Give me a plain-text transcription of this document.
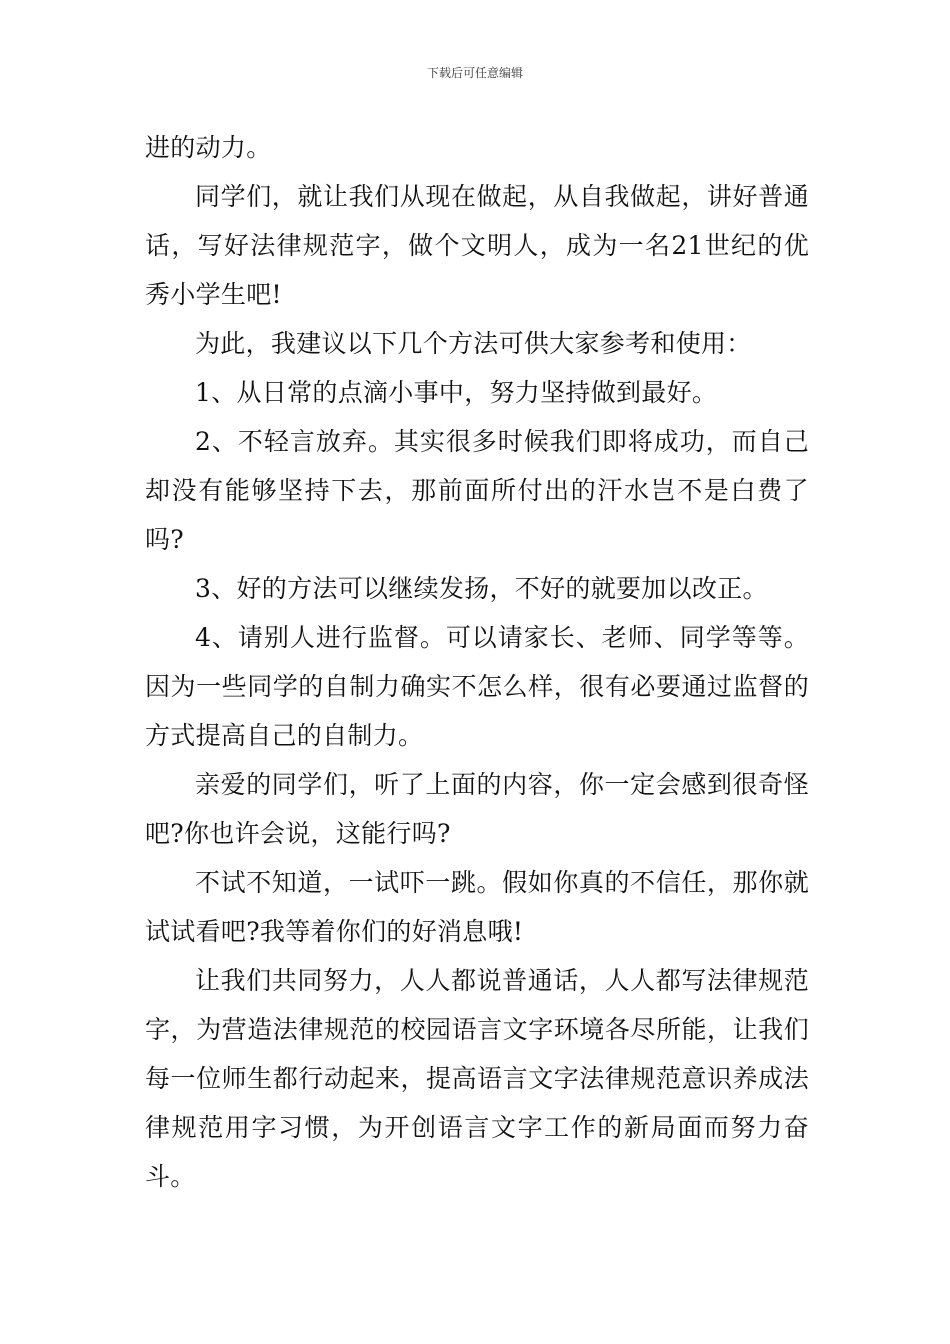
下载后可任意编辑

进的动力。

同学们，就让我们从现在做起，从自我做起，讲好普通话，写好法律规范字，做个文明人，成为一名21世纪的优秀小学生吧!

为此，我建议以下几个方法可供大家参考和使用：

1、从日常的点滴小事中，努力坚持做到最好。

2、不轻言放弃。其实很多时候我们即将成功，而自己却没有能够坚持下去，那前面所付出的汗水岂不是白费了吗?

3、好的方法可以继续发扬，不好的就要加以改正。

4、请别人进行监督。可以请家长、老师、同学等等。因为一些同学的自制力确实不怎么样，很有必要通过监督的方式提高自己的自制力。

亲爱的同学们，听了上面的内容，你一定会感到很奇怪吧?你也许会说，这能行吗?

不试不知道，一试吓一跳。假如你真的不信任，那你就试试看吧?我等着你们的好消息哦!

让我们共同努力，人人都说普通话，人人都写法律规范字，为营造法律规范的校园语言文字环境各尽所能，让我们每一位师生都行动起来，提高语言文字法律规范意识养成法律规范用字习惯，为开创语言文字工作的新局面而努力奋斗。
